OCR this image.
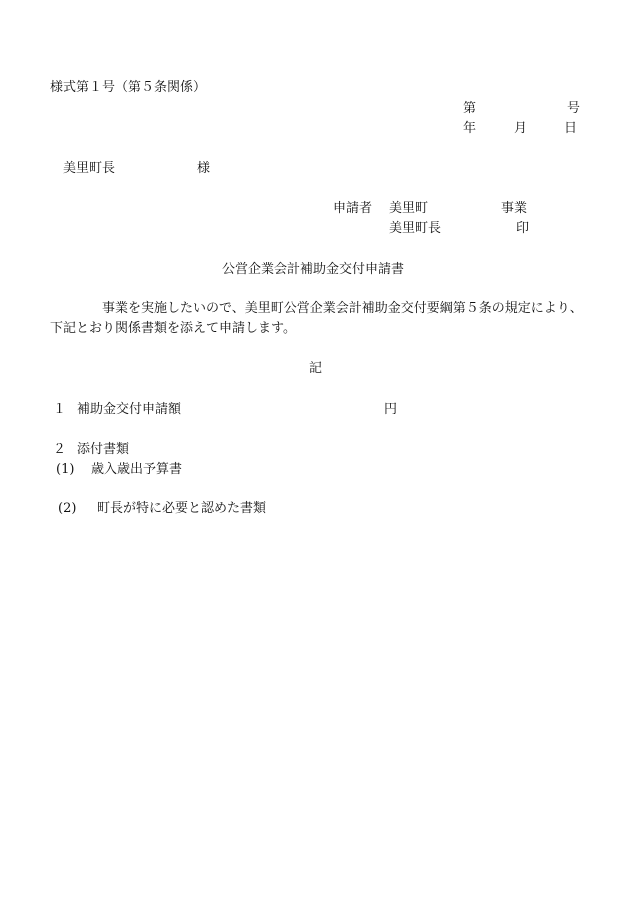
様式第１号（第５条関係）
第	号
年	月	日
美里町長	様
申請者 美里町	事業
美里町長	印
公営企業会計補助金交付申請書
事業を実施したいので、美里町公営企業会計補助金交付要綱第５条の規定により、
下記とおり関係書類を添えて申請します。
記
１ 補助金交付申請額	円
２ 添付書類
(1) 歳入歳出予算書
(2) 町長が特に必要と認めた書類
